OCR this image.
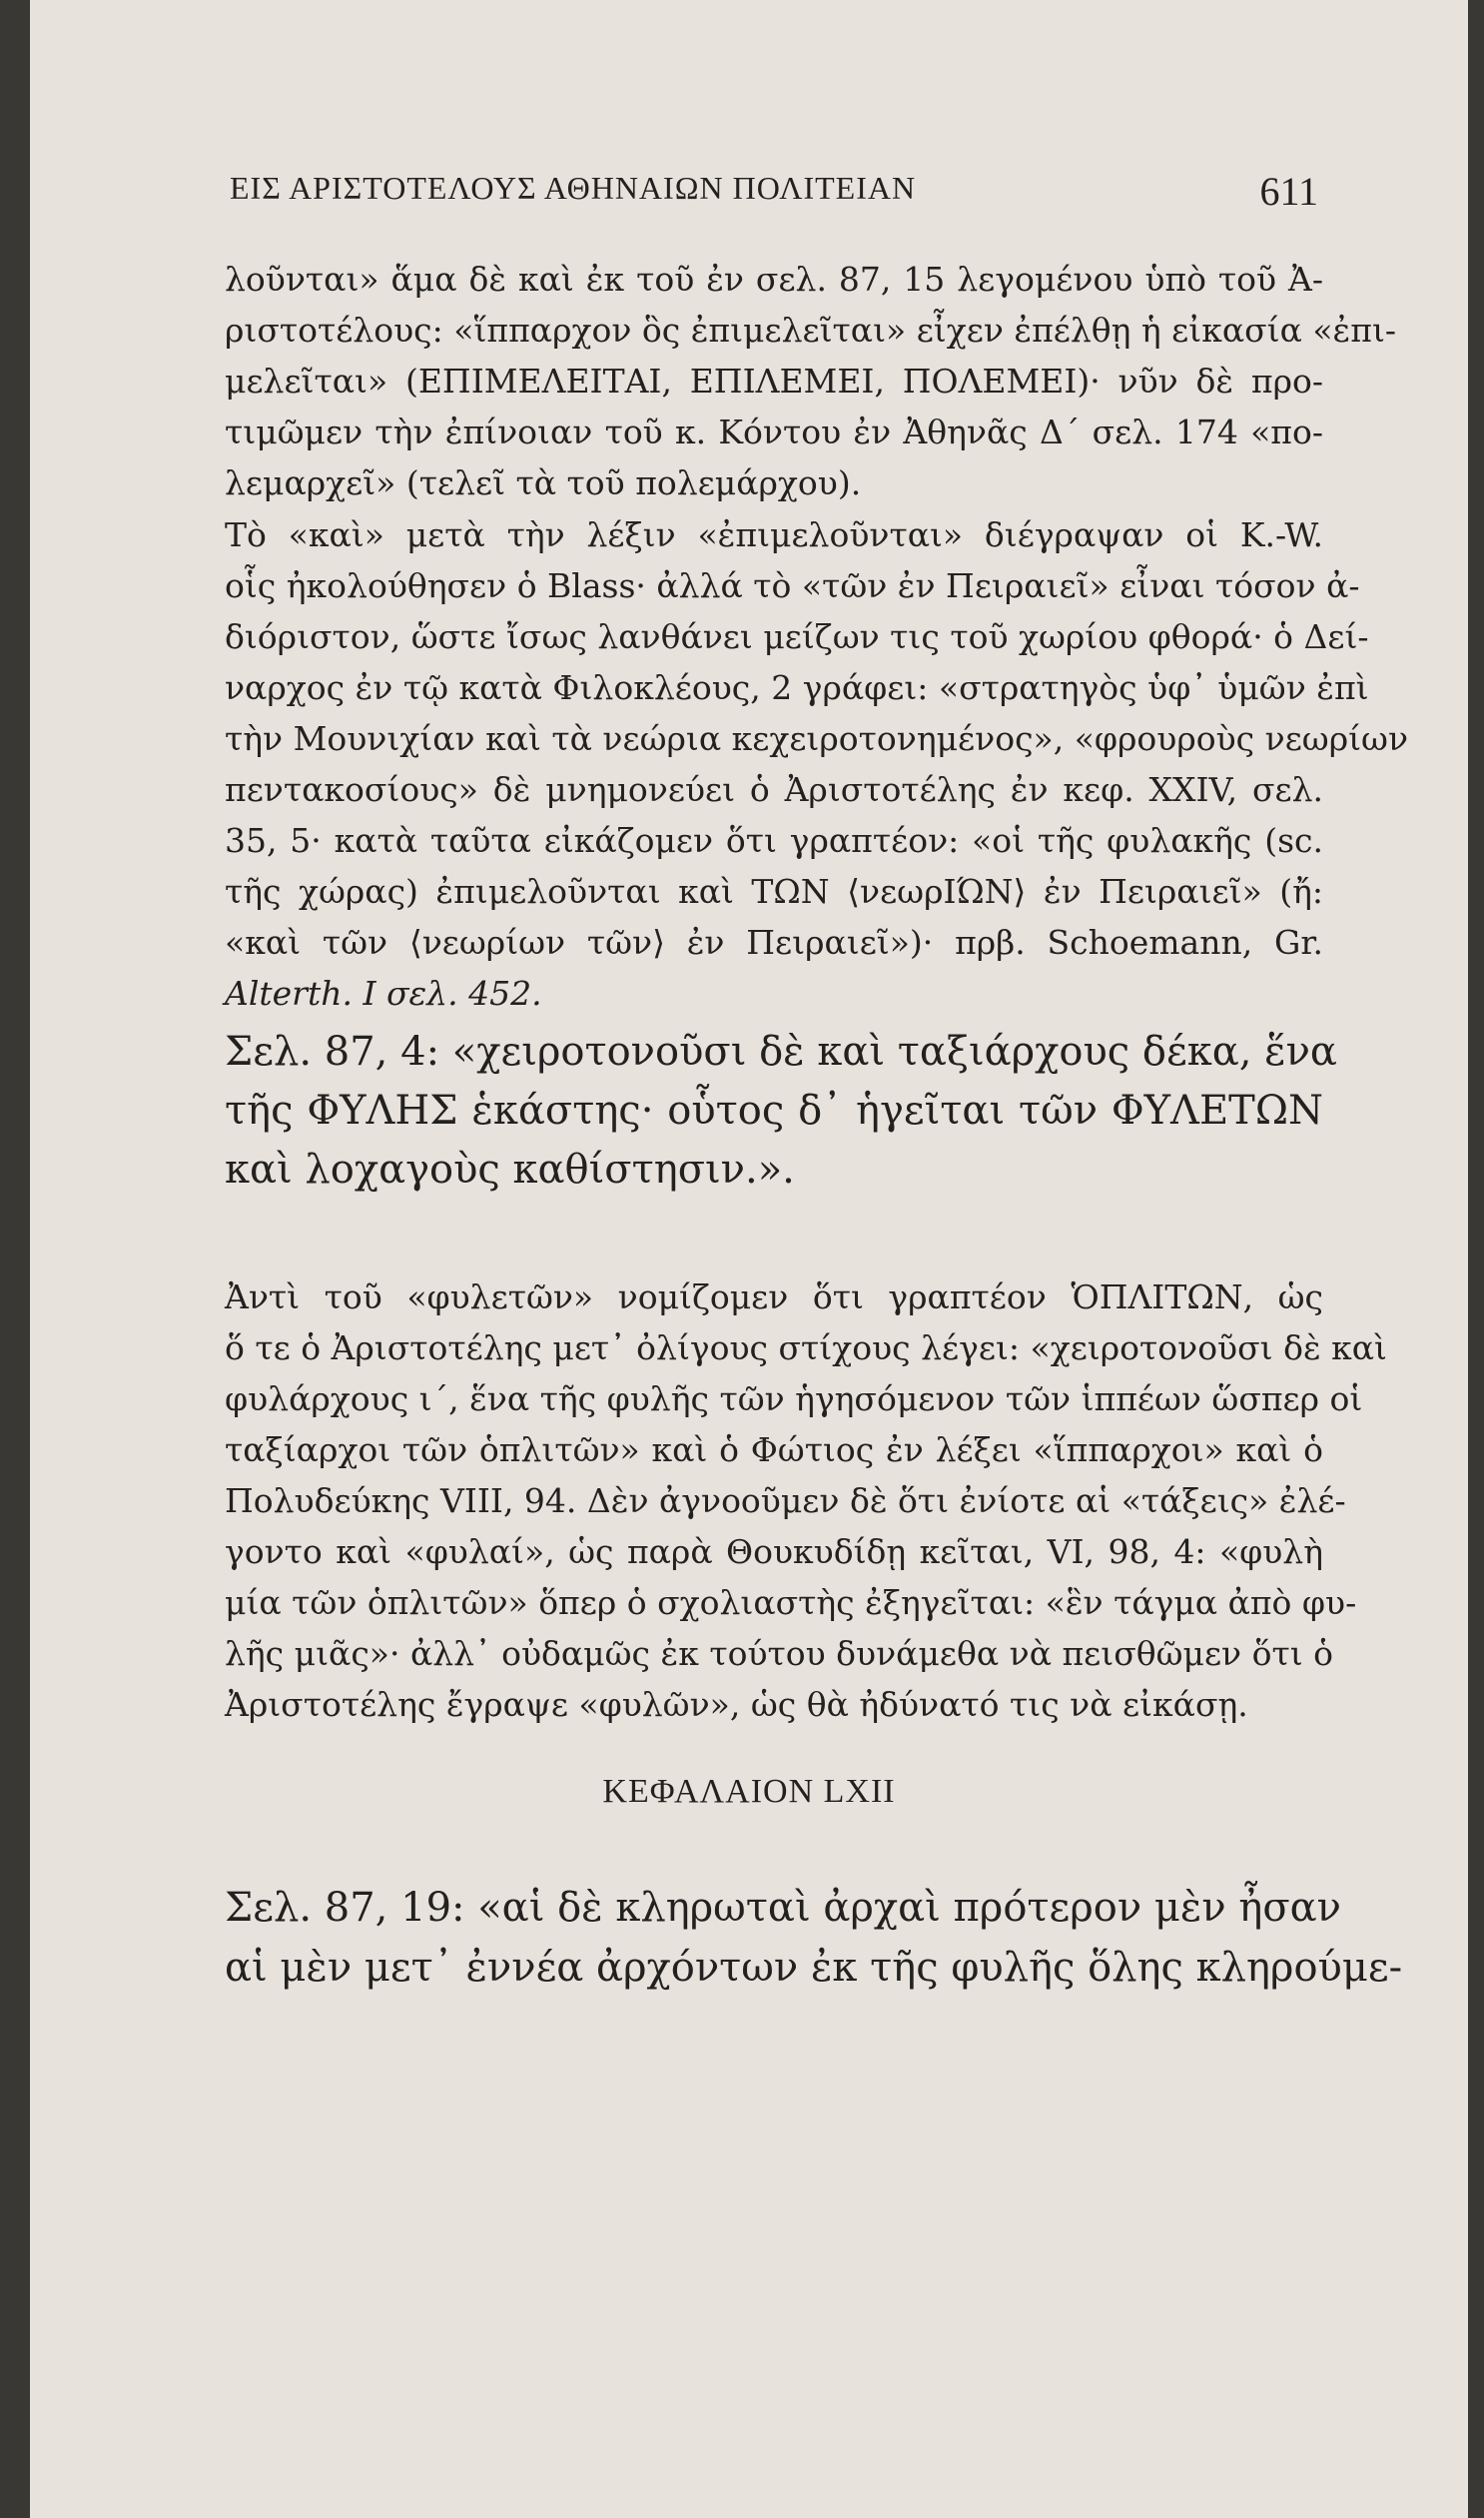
ΕΙΣ ΑΡΙΣΤΟΤΕΛΟΥΣ ΑΘΗΝΑΙΩΝ ΠΟΛΙΤΕΙΑΝ	611
λοῦνται» ἅμα δὲ καὶ ἐκ τοῦ ἐν σελ. 87, 15 λεγομένου ὑπὸ τοῦ Ἀ-
ριστοτέλους: «ἵππαρχον ὃς ἐπιμελεῖται» εἶχεν ἐπέλθῃ ἡ εἰκασία «ἐπι-
μελεῖται» (ΕΠΙΜΕΛΕΙΤΑΙ, ΕΠΙΛΕΜΕΙ, ΠΟΛΕΜΕΙ)· νῦν δὲ προ-
τιμῶμεν τὴν ἐπίνοιαν τοῦ κ. Κόντου ἐν Ἀθηνᾶς Δ΄ σελ. 174 «πο-
λεμαρχεῖ» (τελεῖ τὰ τοῦ πολεμάρχου).
Τὸ «καὶ» μετὰ τὴν λέξιν «ἐπιμελοῦνται» διέγραψαν οἱ K.-W.
οἷς ἠκολούθησεν ὁ Blass· ἀλλά τὸ «τῶν ἐν Πειραιεῖ» εἶναι τόσον ἀ-
διόριστον, ὥστε ἴσως λανθάνει μείζων τις τοῦ χωρίου φθορά· ὁ Δεί-
ναρχος ἐν τῷ κατὰ Φιλοκλέους, 2 γράφει: «στρατηγὸς ὑφ᾽ ὑμῶν ἐπὶ
τὴν Μουνιχίαν καὶ τὰ νεώρια κεχειροτονημένος», «φρουροὺς νεωρίων
πεντακοσίους» δὲ μνημονεύει ὁ Ἀριστοτέλης ἐν κεφ. XXIV, σελ.
35, 5· κατὰ ταῦτα εἰκάζομεν ὅτι γραπτέον: «οἱ τῆς φυλακῆς (sc.
τῆς χώρας) ἐπιμελοῦνται καὶ ΤΩΝ ⟨νεωρΙΏΝ⟩ ἐν Πειραιεῖ» (ἤ:
«καὶ τῶν ⟨νεωρίων τῶν⟩ ἐν Πειραιεῖ»)· πρβ. Schoemann, Gr.
Alterth. I σελ. 452.
Σελ. 87, 4: «χειροτονοῦσι δὲ καὶ ταξιάρχους δέκα, ἕνα
τῆς ΦΥΛΗΣ ἑκάστης· οὗτος δ᾽ ἡγεῖται τῶν ΦΥΛΕΤΩΝ
καὶ λοχαγοὺς καθίστησιν.».
Ἀντὶ τοῦ «φυλετῶν» νομίζομεν ὅτι γραπτέον ὉΠΛΙΤΩΝ, ὡς
ὅ τε ὁ Ἀριστοτέλης μετ᾽ ὀλίγους στίχους λέγει: «χειροτονοῦσι δὲ καὶ
φυλάρχους ι΄, ἕνα τῆς φυλῆς τῶν ἡγησόμενον τῶν ἱππέων ὥσπερ οἱ
ταξίαρχοι τῶν ὁπλιτῶν» καὶ ὁ Φώτιος ἐν λέξει «ἵππαρχοι» καὶ ὁ
Πολυδεύκης VIII, 94. Δὲν ἀγνοοῦμεν δὲ ὅτι ἐνίοτε αἱ «τάξεις» ἐλέ-
γοντο καὶ «φυλαί», ὡς παρὰ Θουκυδίδῃ κεῖται, VI, 98, 4: «φυλὴ
μία τῶν ὁπλιτῶν» ὅπερ ὁ σχολιαστὴς ἐξηγεῖται: «ἓν τάγμα ἀπὸ φυ-
λῆς μιᾶς»· ἀλλ᾽ οὐδαμῶς ἐκ τούτου δυνάμεθα νὰ πεισθῶμεν ὅτι ὁ
Ἀριστοτέλης ἔγραψε «φυλῶν», ὡς θὰ ἠδύνατό τις νὰ εἰκάσῃ.
ΚΕΦΑΛΑΙΟΝ LXII
Σελ. 87, 19: «αἱ δὲ κληρωταὶ ἀρχαὶ πρότερον μὲν ἦσαν
αἱ μὲν μετ᾽ ἐννέα ἀρχόντων ἐκ τῆς φυλῆς ὅλης κληρούμε-
